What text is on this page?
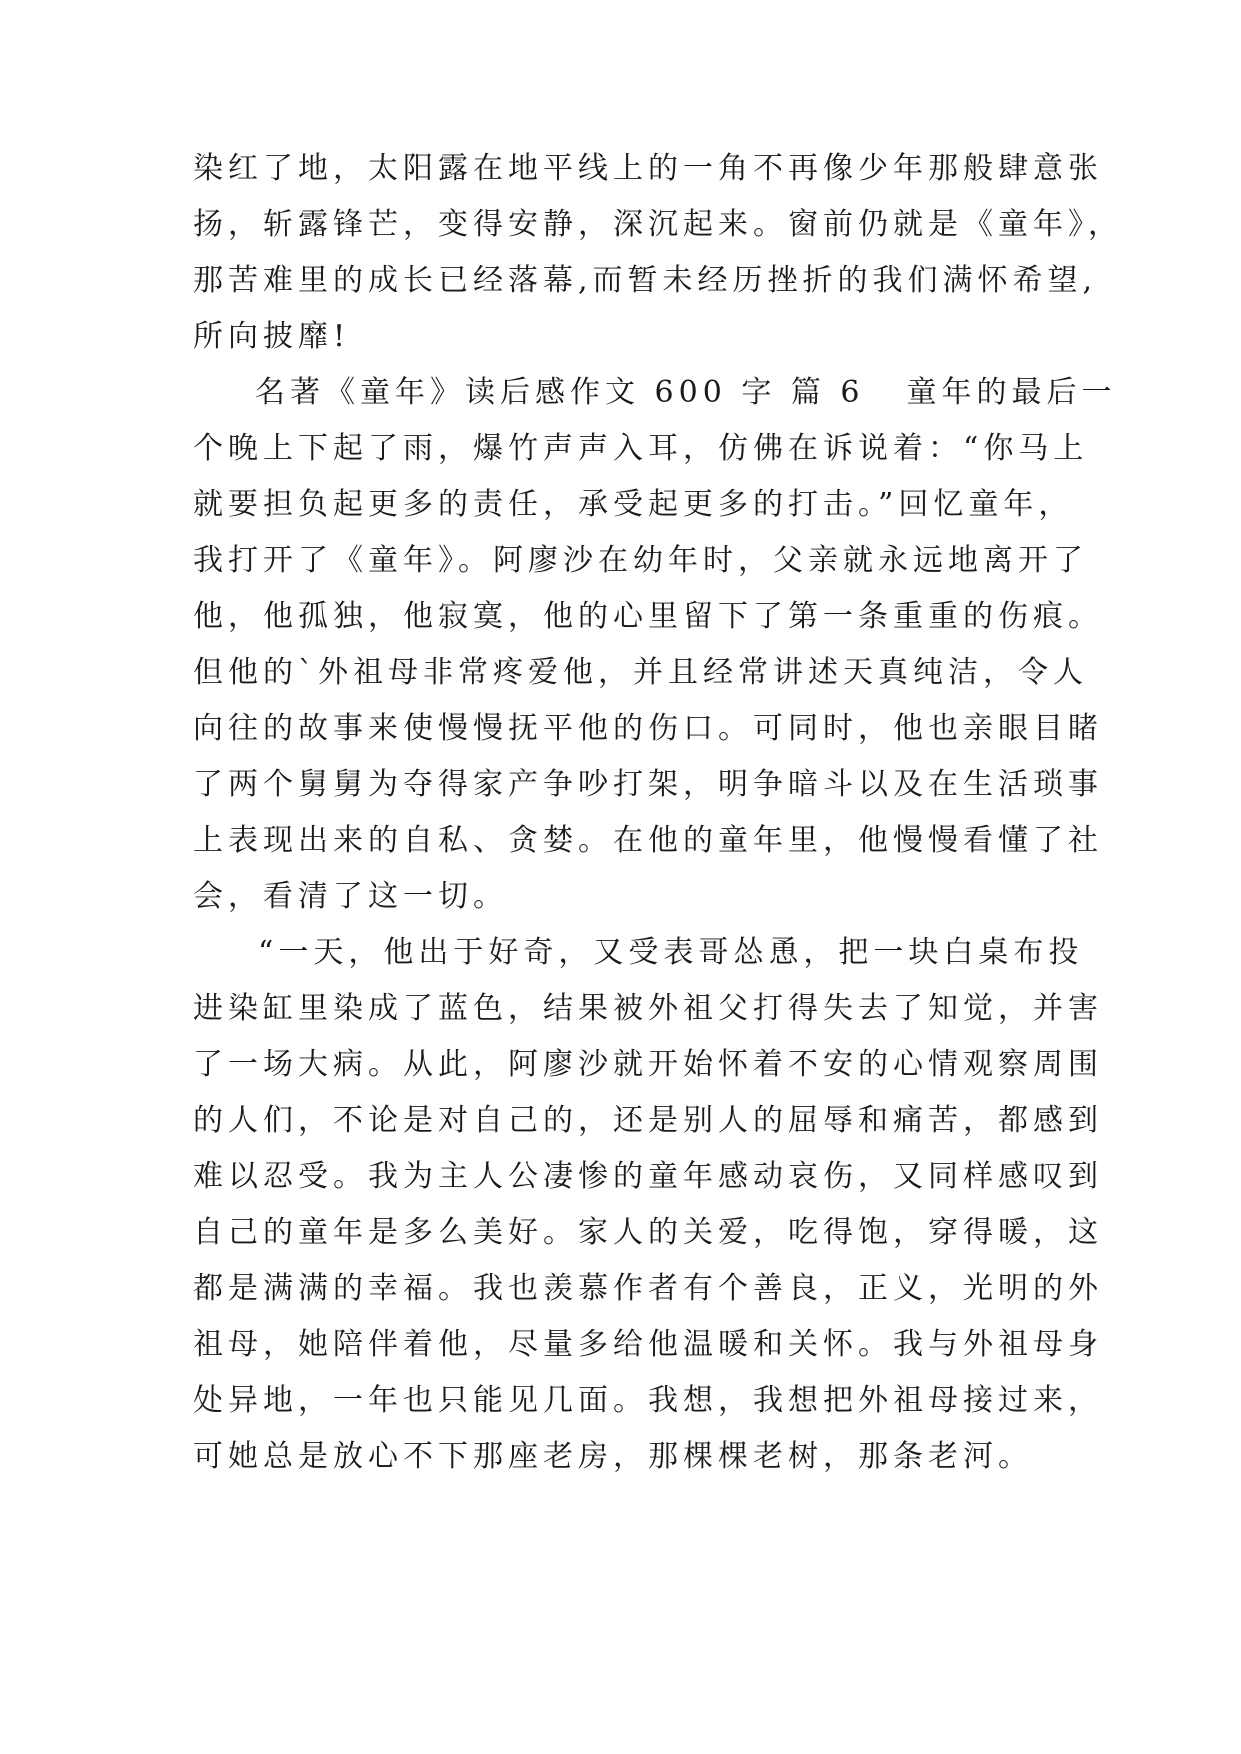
染红了地，太阳露在地平线上的一角不再像少年那般肆意张
扬，斩露锋芒，变得安静，深沉起来。窗前仍就是《童年》，
那苦难里的成长已经落幕,而暂未经历挫折的我们满怀希望,
所向披靡!
名著《童年》读后感作文 600 字 篇 6 童年的最后一
个晚上下起了雨，爆竹声声入耳，仿佛在诉说着：“你马上
就要担负起更多的责任，承受起更多的打击。”回忆童年，
我打开了《童年》。阿廖沙在幼年时，父亲就永远地离开了
他，他孤独，他寂寞，他的心里留下了第一条重重的伤痕。
但他的`外祖母非常疼爱他，并且经常讲述天真纯洁，令人
向往的故事来使慢慢抚平他的伤口。可同时，他也亲眼目睹
了两个舅舅为夺得家产争吵打架，明争暗斗以及在生活琐事
上表现出来的自私、贪婪。在他的童年里，他慢慢看懂了社
会，看清了这一切。
“一天，他出于好奇，又受表哥怂恿，把一块白桌布投
进染缸里染成了蓝色，结果被外祖父打得失去了知觉，并害
了一场大病。从此，阿廖沙就开始怀着不安的心情观察周围
的人们，不论是对自己的，还是别人的屈辱和痛苦，都感到
难以忍受。我为主人公凄惨的童年感动哀伤，又同样感叹到
自己的童年是多么美好。家人的关爱，吃得饱，穿得暖，这
都是满满的幸福。我也羡慕作者有个善良，正义，光明的外
祖母，她陪伴着他，尽量多给他温暖和关怀。我与外祖母身
处异地，一年也只能见几面。我想，我想把外祖母接过来，
可她总是放心不下那座老房，那棵棵老树，那条老河。
